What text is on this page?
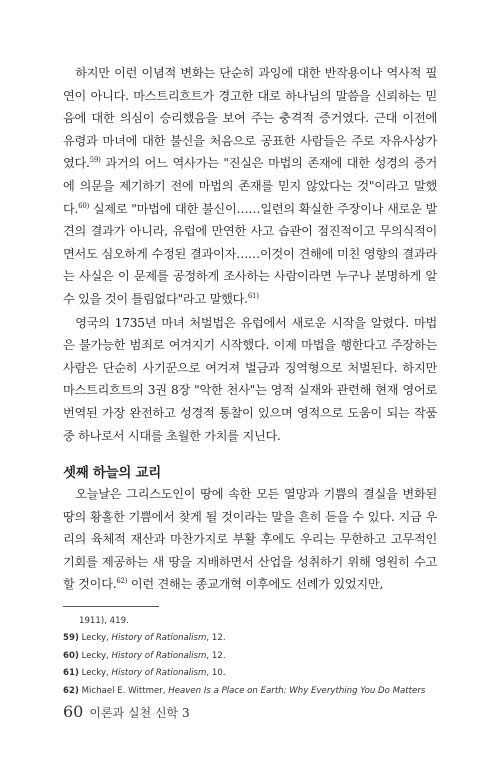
하지만 이런 이념적 변화는 단순히 과잉에 대한 반작용이나 역사적 필연이 아니다. 마스트리흐트가 경고한 대로 하나님의 말씀을 신뢰하는 믿음에 대한 의심이 승리했음을 보여 주는 충격적 증거였다. 근대 이전에 유령과 마녀에 대한 불신을 처음으로 공표한 사람들은 주로 자유사상가였다.$^{59)}$ 과거의 어느 역사가는 "진실은 마법의 존재에 대한 성경의 증거에 의문을 제기하기 전에 마법의 존재를 믿지 않았다는 것"이라고 말했다.$^{60)}$ 실제로 "마법에 대한 불신이……일련의 확실한 주장이나 새로운 발견의 결과가 아니라, 유럽에 만연한 사고 습관이 점진적이고 무의식적이면서도 심오하게 수정된 결과이자……이것이 견해에 미친 영향의 결과라는 사실은 이 문제를 공정하게 조사하는 사람이라면 누구나 분명하게 알 수 있을 것이 틀림없다"라고 말했다.$^{61)}$

영국의 1735년 마녀 처벌법은 유럽에서 새로운 시작을 알렸다. 마법은 불가능한 범죄로 여겨지기 시작했다. 이제 마법을 행한다고 주장하는 사람은 단순히 사기꾼으로 여겨져 벌금과 징역형으로 처벌된다. 하지만 마스트리흐트의 3권 8장 "악한 천사"는 영적 실재와 관련해 현재 영어로 번역된 가장 완전하고 성경적 통찰이 있으며 영적으로 도움이 되는 작품 중 하나로서 시대를 초월한 가치를 지닌다.

셋째 하늘의 교리

오늘날은 그리스도인이 땅에 속한 모든 열망과 기쁨의 결실을 변화된 땅의 황홀한 기쁨에서 찾게 될 것이라는 말을 흔히 듣을 수 있다. 지금 우리의 육체적 재산과 마찬가지로 부활 후에도 우리는 무한하고 고무적인 기회를 제공하는 새 땅을 지배하면서 산업을 성취하기 위해 영원히 수고할 것이다.$^{62)}$ 이런 견해는 종교개혁 이후에도 선례가 있었지만,

1911), 419.
59) Lecky, History of Rationalism, 12.
60) Lecky, History of Rationalism, 12.
61) Lecky, History of Rationalism, 10.
62) Michael E. Wittmer, Heaven Is a Place on Earth: Why Everything You Do Matters
60 이론과 실천 신학 3
